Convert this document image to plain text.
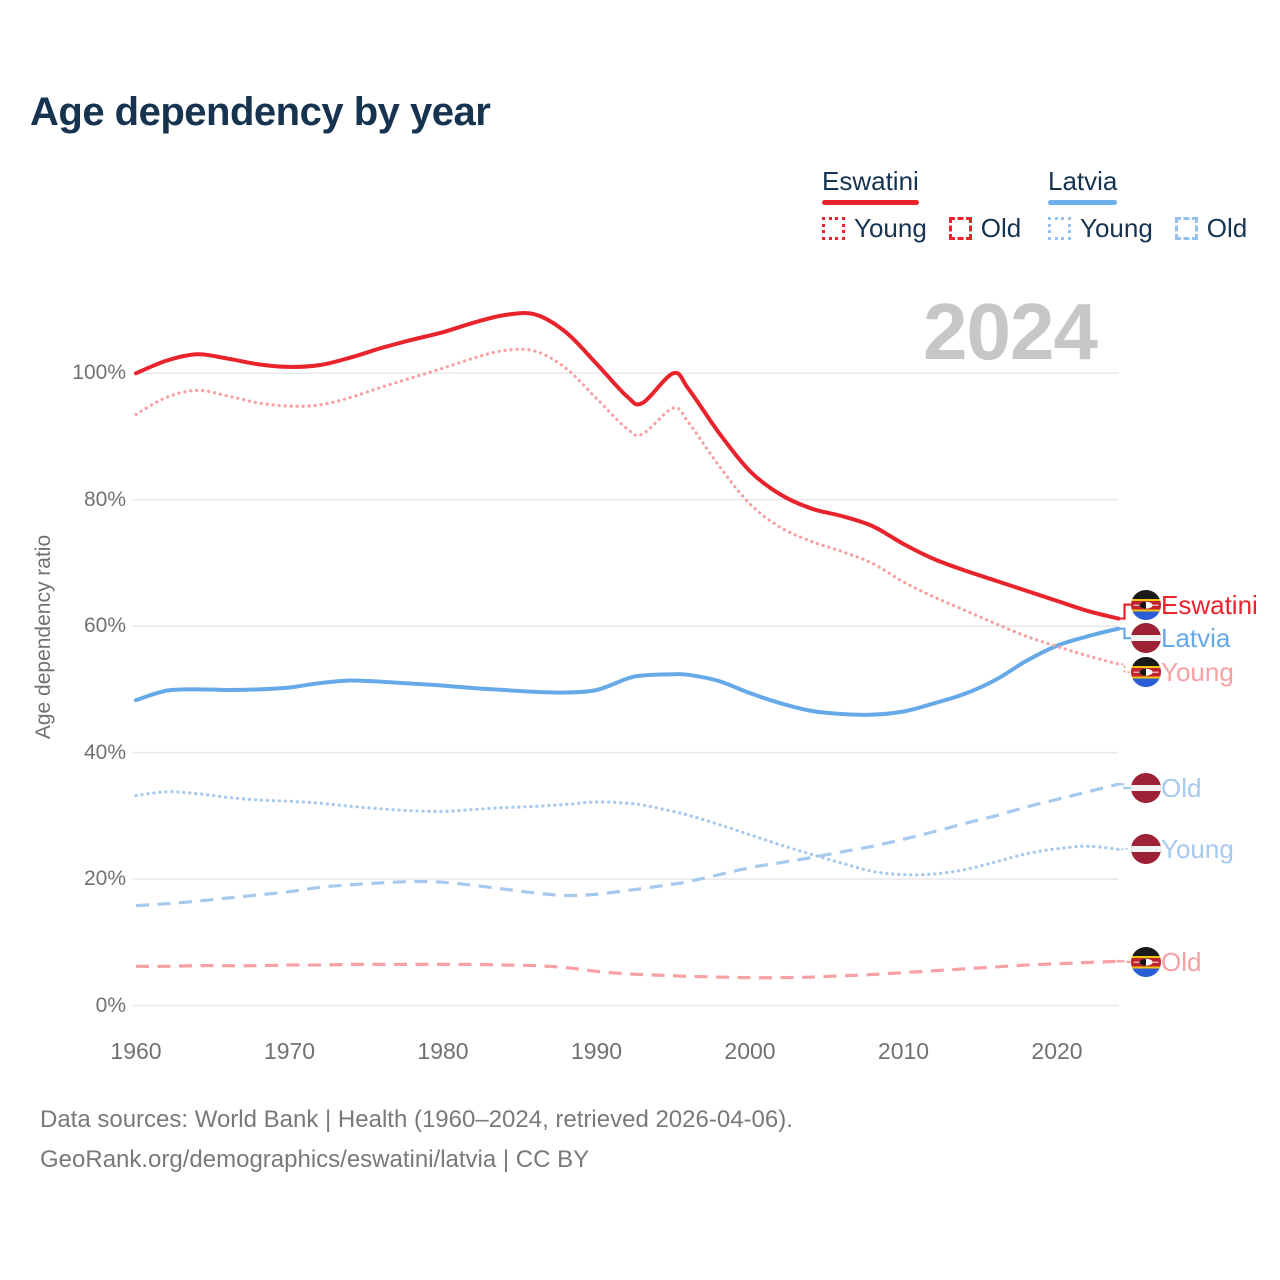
2024
Age dependency by year
Age dependency ratio
0%
20%
40%
60%
80%
100%
1960	1970	1980	1990	2000	2010	2020
Eswatini
Young Old
Latvia
Young Old
Eswatini
Latvia
Young
Old
Young
Old
Data sources: World Bank | Health (1960–2024, retrieved 2026-04-06).
GeoRank.org/demographics/eswatini/latvia | CC BY
